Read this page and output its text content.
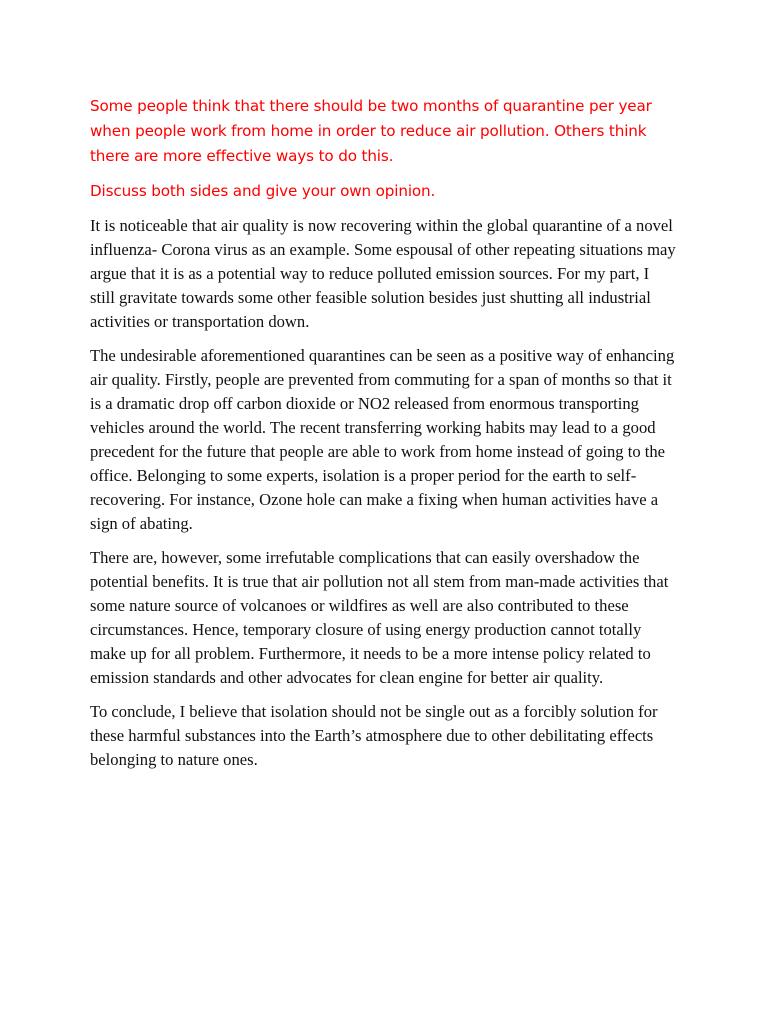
Some people think that there should be two months of quarantine per year when people work from home in order to reduce air pollution. Others think there are more effective ways to do this.

Discuss both sides and give your own opinion.

It is noticeable that air quality is now recovering within the global quarantine of a novel influenza- Corona virus as an example. Some espousal of other repeating situations may argue that it is as a potential way to reduce polluted emission sources. For my part, I still gravitate towards some other feasible solution besides just shutting all industrial activities or transportation down.

The undesirable aforementioned quarantines can be seen as a positive way of enhancing air quality. Firstly, people are prevented from commuting for a span of months so that it is a dramatic drop off carbon dioxide or NO2 released from enormous transporting vehicles around the world. The recent transferring working habits may lead to a good precedent for the future that people are able to work from home instead of going to the office. Belonging to some experts, isolation is a proper period for the earth to self-recovering. For instance, Ozone hole can make a fixing when human activities have a sign of abating.

There are, however, some irrefutable complications that can easily overshadow the potential benefits. It is true that air pollution not all stem from man-made activities that some nature source of volcanoes or wildfires as well are also contributed to these circumstances. Hence, temporary closure of using energy production cannot totally make up for all problem. Furthermore, it needs to be a more intense policy related to emission standards and other advocates for clean engine for better air quality.

To conclude, I believe that isolation should not be single out as a forcibly solution for these harmful substances into the Earth’s atmosphere due to other debilitating effects belonging to nature ones.
